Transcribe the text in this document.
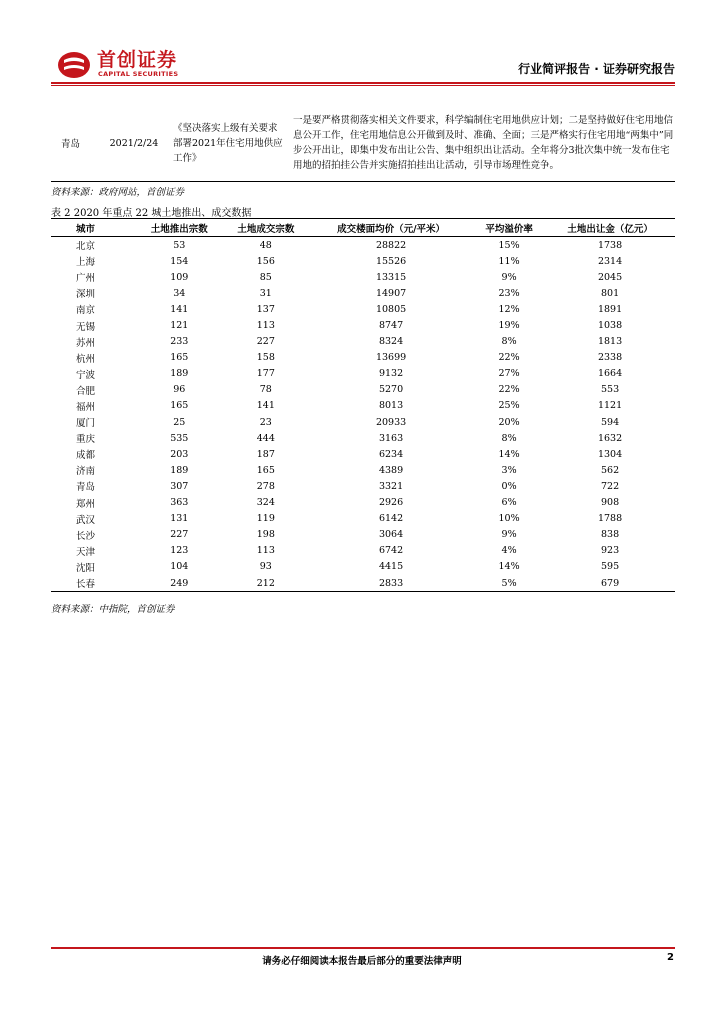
首创证券
CAPITAL SECURITIES	行业简评报告 · 证券研究报告
青岛	2021/2/24	《坚决落实上级有关要求 部署2021年住宅用地供应工作》	一是要严格贯彻落实相关文件要求，科学编制住宅用地供应计划；二是坚持做好住宅用地信息公开工作，住宅用地信息公开做到及时、准确、全面；三是严格实行住宅用地“两集中”同步公开出让，即集中发布出让公告、集中组织出让活动。全年将分3批次集中统一发布住宅用地的招拍挂公告并实施招拍挂出让活动，引导市场理性竞争。
资料来源：政府网站，首创证券
表 2 2020 年重点 22 城土地推出、成交数据
城市	土地推出宗数	土地成交宗数	成交楼面均价（元/平米）	平均溢价率	土地出让金（亿元）
北京	53	48	28822	15%	1738
上海	154	156	15526	11%	2314
广州	109	85	13315	9%	2045
深圳	34	31	14907	23%	801
南京	141	137	10805	12%	1891
无锡	121	113	8747	19%	1038
苏州	233	227	8324	8%	1813
杭州	165	158	13699	22%	2338
宁波	189	177	9132	27%	1664
合肥	96	78	5270	22%	553
福州	165	141	8013	25%	1121
厦门	25	23	20933	20%	594
重庆	535	444	3163	8%	1632
成都	203	187	6234	14%	1304
济南	189	165	4389	3%	562
青岛	307	278	3321	0%	722
郑州	363	324	2926	6%	908
武汉	131	119	6142	10%	1788
长沙	227	198	3064	9%	838
天津	123	113	6742	4%	923
沈阳	104	93	4415	14%	595
长春	249	212	2833	5%	679
资料来源：中指院，首创证券
请务必仔细阅读本报告最后部分的重要法律声明	2
